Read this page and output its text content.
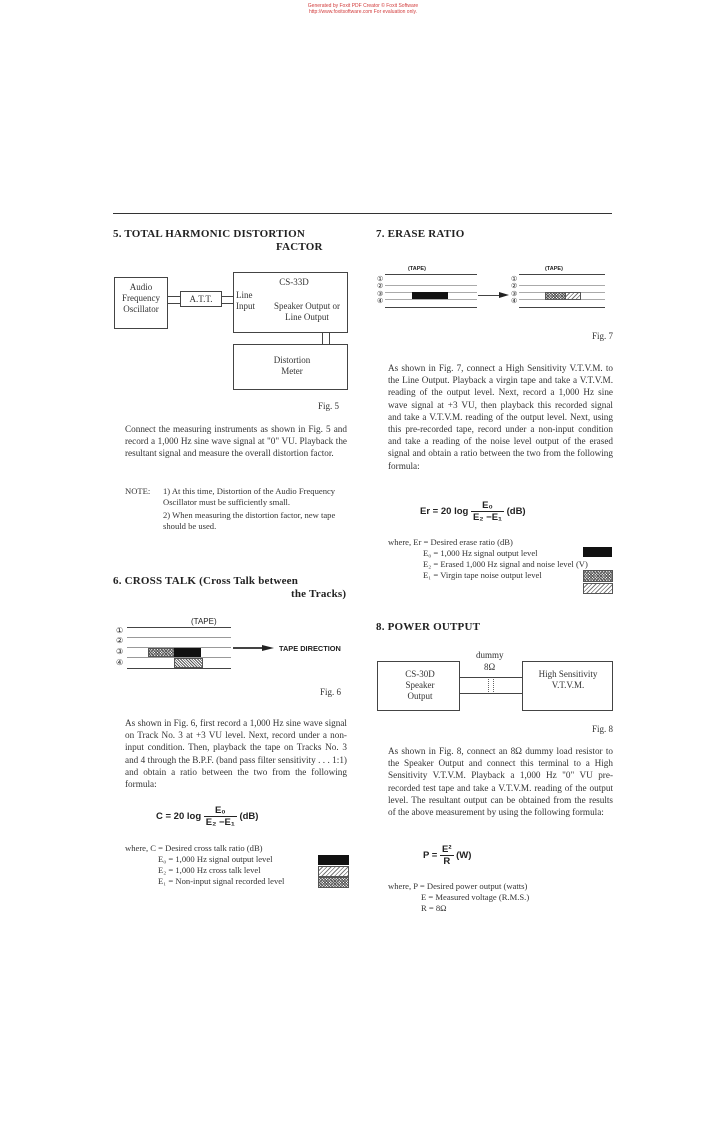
Generated by Foxit PDF Creator © Foxit Software
http://www.foxitsoftware.com For evaluation only.
5. TOTAL HARMONIC DISTORTION
FACTOR
Audio Frequency Oscillator
A.T.T.
CS-33D
Line Input	Speaker Output or Line Output
Distortion Meter
Fig. 5

Connect the measuring instruments as shown in Fig. 5 and record a 1,000 Hz sine wave signal at "0" VU. Playback the resultant signal and measure the overall distortion factor.

NOTE: 1) At this time, Distortion of the Audio Frequency Oscillator must be sufficiently small.
2) When measuring the distortion factor, new tape should be used.
6. CROSS TALK (Cross Talk between
the Tracks)
(TAPE)
①
②
③
④
TAPE DIRECTION
Fig. 6

As shown in Fig. 6, first record a 1,000 Hz sine wave signal on Track No. 3 at +3 VU level. Next, record under a non-input condition. Then, playback the tape on Tracks No. 3 and 4 through the B.P.F. (band pass filter sensitivity . . . 1:1) and obtain a ratio between the two from the following formula:

C = 20 $\log \frac{\text{E₀}}{\text{E₂ −E₁}} (dB)$
where, C = Desired cross talk ratio (dB)
E₀ = 1,000 Hz signal output level
E₂ = 1,000 Hz cross talk level
E₁ = Non-input signal recorded level
7. ERASE RATIO
(TAPE)	(TAPE)
①
②
③
④
①
②
③
④
Fig. 7

As shown in Fig. 7, connect a High Sensitivity V.T.V.M. to the Line Output. Playback a virgin tape and take a V.T.V.M. reading of the output level. Next, record a 1,000 Hz sine wave signal at +3 VU, then playback this recorded signal and take a V.T.V.M. reading of the output level. Next, using this pre-recorded tape, record under a non-input condition and take a reading of the noise level output of the erased signal and obtain a ratio between the two from the following formula:

Er = 20 $\log \frac{\text{E₀}}{\text{E₂ −E₁}} (dB)$
where, Er = Desired erase ratio (dB)
E₀ = 1,000 Hz signal output level
E₂ = Erased 1,000 Hz signal and noise level (V)
E₁ = Virgin tape noise output level
8. POWER OUTPUT
dummy
8Ω
CS-30D Speaker Output
High Sensitivity V.T.V.M.
Fig. 8

As shown in Fig. 8, connect an 8Ω dummy load resistor to the Speaker Output and connect this terminal to a High Sensitivity V.T.V.M. Playback a 1,000 Hz "0" VU pre-recorded test tape and take a V.T.V.M. reading of the output level. The resultant output can be obtained from the results of the above measurement by using the following formula:

$P = \frac{\text{E²}}{R} (W)$
where, P = Desired power output (watts)
E = Measured voltage (R.M.S.)
R = 8Ω
